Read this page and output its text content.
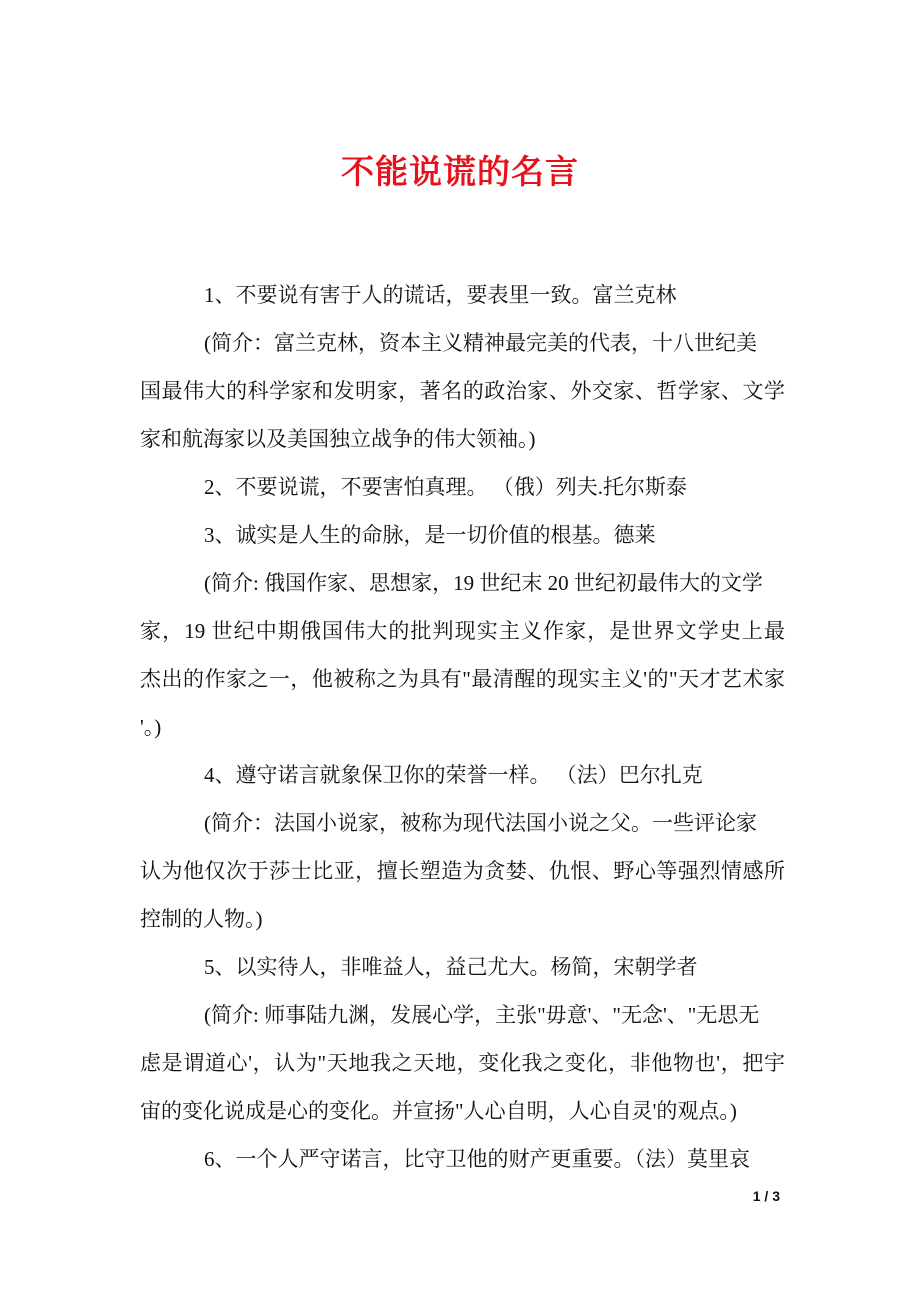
不能说谎的名言
1、不要说有害于人的谎话，要表里一致。富兰克林
(简介：富兰克林，资本主义精神最完美的代表，十八世纪美
国最伟大的科学家和发明家，著名的政治家、外交家、哲学家、文学
家和航海家以及美国独立战争的伟大领袖。)
2、不要说谎，不要害怕真理。 （俄）列夫.托尔斯泰
3、诚实是人生的命脉，是一切价值的根基。德莱
(简介: 俄国作家、思想家，19 世纪末 20 世纪初最伟大的文学
家，19 世纪中期俄国伟大的批判现实主义作家，是世界文学史上最
杰出的作家之一，他被称之为具有"最清醒的现实主义'的"天才艺术家
'。)
4、遵守诺言就象保卫你的荣誉一样。 （法）巴尔扎克
(简介：法国小说家，被称为现代法国小说之父。一些评论家
认为他仅次于莎士比亚，擅长塑造为贪婪、仇恨、野心等强烈情感所
控制的人物。)
5、以实待人，非唯益人，益己尤大。杨简，宋朝学者
(简介: 师事陆九渊，发展心学，主张"毋意'、"无念'、"无思无
虑是谓道心'，认为"天地我之天地，变化我之变化，非他物也'，把宇
宙的变化说成是心的变化。并宣扬"人心自明，人心自灵'的观点。)
6、一个人严守诺言，比守卫他的财产更重要。（法）莫里哀
1 / 3
